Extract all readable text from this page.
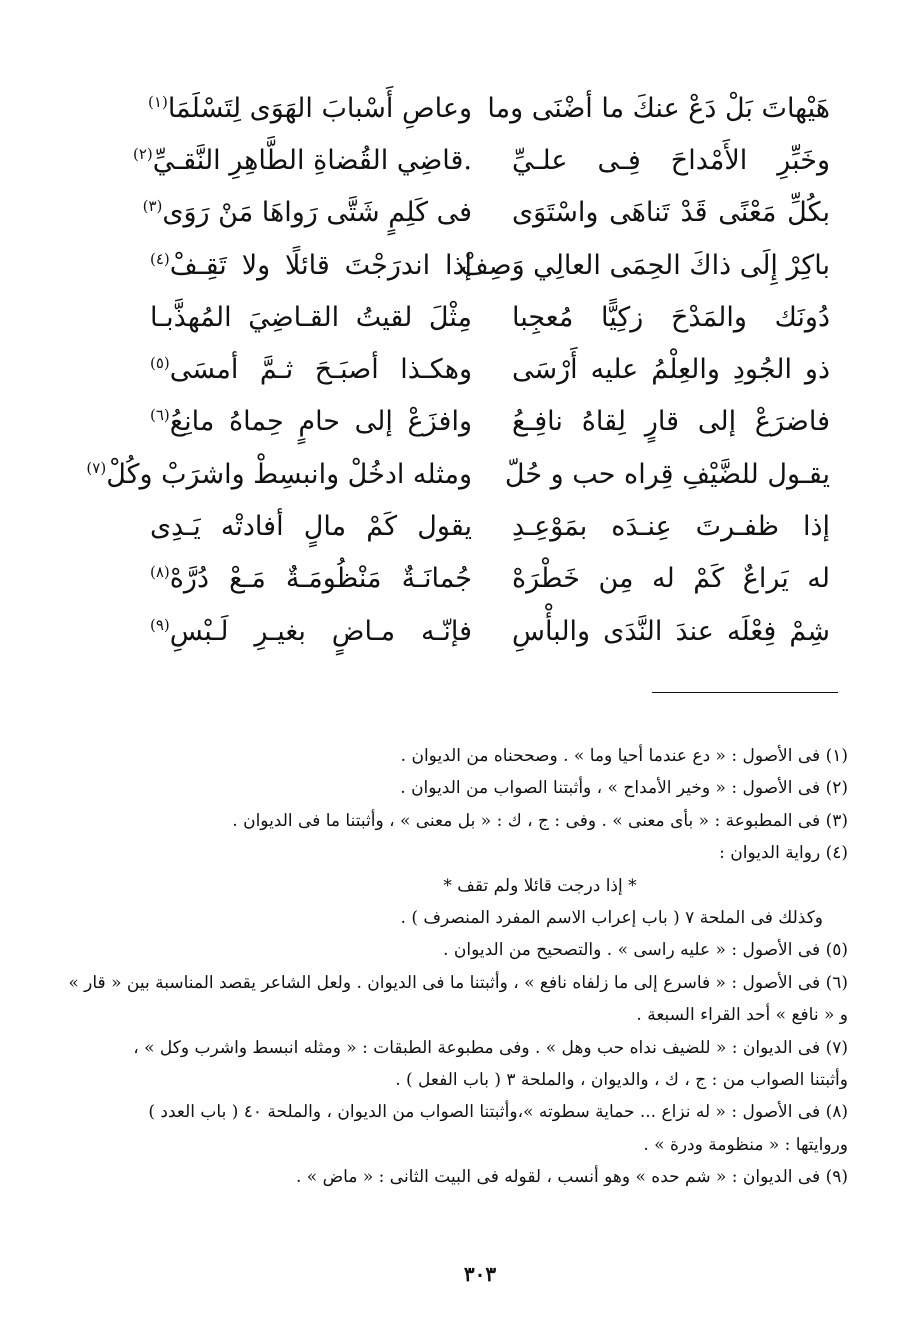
هَيْهاتَ بَلْ دَعْ عنكَ ما أضْنَى وما
وعاصِ أَسْبابَ الهَوَى لِتَسْلَمَا$^{(١)}$
وخَبِّرِ الأَمْداحَ فِـى علـيِّ
.قاضِي القُضاةِ الطَّاهِرِ النَّقـيِّ$^{(٢)}$
بكُلِّ مَعْنًى قَدْ تَناهَى واسْتَوَى
فى كَلِمٍ شَتَّى رَواهَا مَنْ رَوَى$^{(٣)}$
باكِرْ إِلَى ذاكَ الحِمَى العالِي وَصِفْ
إذا اندرَجْتَ قائلًا ولا تَقِـفْ$^{(٤)}$
دُونَك والمَدْحَ زكِيًّا مُعجِبا
مِثْلَ لقيتُ القـاضِيَ المُهذَّبـا
ذو الجُودِ والعِلْمُ عليه أَرْسَى
وهكـذا أصبَـحَ ثـمَّ أمسَى$^{(٥)}$
فاضرَعْ إلى قارٍ لِقاهُ نافِـعُ
وافزَعْ إلى حامٍ حِماهُ مانِعُ$^{(٦)}$
يقـول للضَّيْفِ قِراه حب و حُلّ
ومثله ادخُلْ وانبسِطْ واشرَبْ وكُلْ$^{(٧)}$
إذا ظفـرتَ عِنـدَه بمَوْعِـدِ
يقول كَمْ مالٍ أفادتْه يَـدِى
له يَراعٌ كَمْ له مِن خَطْرَهْ
جُمانَـةٌ مَنْظُومَـةٌ مَـعْ دُرَّهْ$^{(٨)}$
شِمْ فِعْلَه عندَ النَّدَى والبأْسِ
فإنّـه مـاضٍ بغيـرِ لَـبْسِ$^{(٩)}$
(١) فى الأصول : « دع عندما أحيا وما » . وصححناه من الديوان .
(٢) فى الأصول : « وخير الأمداح » ، وأثبتنا الصواب من الديوان .
(٣) فى المطبوعة : « بأى معنى » . وفى : ج ، ك : « بل معنى » ، وأثبتنا ما فى الديوان .
(٤) رواية الديوان :
* إذا درجت قائلا ولم تقف *
وكذلك فى الملحة ٧ ( باب إعراب الاسم المفرد المنصرف ) .
(٥) فى الأصول : « عليه راسى » . والتصحيح من الديوان .
(٦) فى الأصول : « فاسرع إلى ما زلفاه نافع » ، وأثبتنا ما فى الديوان . ولعل الشاعر يقصد المناسبة بين « قار »
و « نافع » أحد القراء السبعة .
(٧) فى الديوان : « للضيف نداه حب وهل » . وفى مطبوعة الطبقات : « ومثله انبسط واشرب وكل » ،
وأثبتنا الصواب من : ج ، ك ، والديوان ، والملحة ٣ ( باب الفعل ) .
(٨) فى الأصول : « له نزاع ... حماية سطوته »،وأثبتنا الصواب من الديوان ، والملحة ٤٠ ( باب العدد )
وروايتها : « منظومة ودرة » .
(٩) فى الديوان : « شم حده » وهو أنسب ، لقوله فى البيت الثانى : « ماض » .
٣٠٣
